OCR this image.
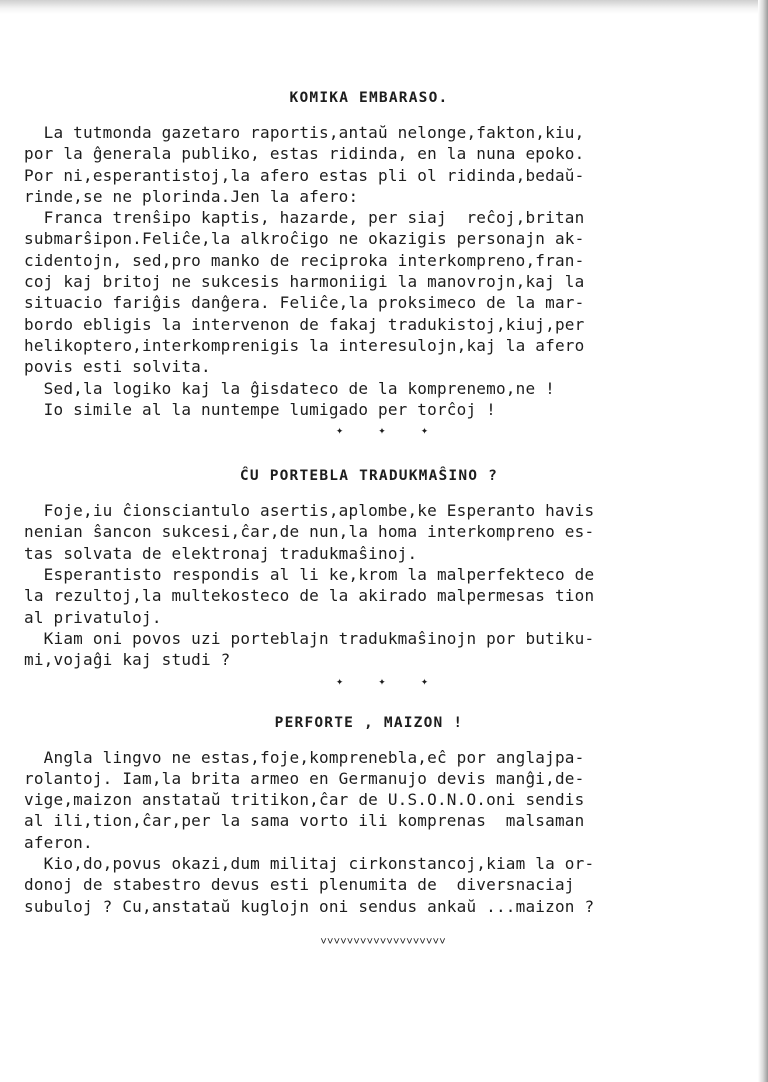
KOMIKA EMBARASO.
La tutmonda gazetaro raportis,antaŭ nelonge,fakton,kiu,
por la ĝenerala publiko, estas ridinda, en la nuna epoko.
Por ni,esperantistoj,la afero estas pli ol ridinda,bedaŭ-
rinde,se ne plorinda.Jen la afero:
Franca trenŝipo kaptis, hazarde, per siaj  reĉoj,britan
submarŝipon.Feliĉe,la alkroĉigo ne okazigis personajn ak-
cidentojn, sed,pro manko de reciproka interkompreno,fran-
coj kaj britoj ne sukcesis harmoniigi la manovrojn,kaj la
situacio fariĝis danĝera. Feliĉe,la proksimeco de la mar-
bordo ebligis la intervenon de fakaj tradukistoj,kiuj,per
helikoptero,interkomprenigis la interesulojn,kaj la afero
povis esti solvita.
Sed,la logiko kaj la ĝisdateco de la komprenemo,ne !
Io simile al la nuntempe lumigado per torĉoj !
✦ ✦ ✦
ĈU PORTEBLA TRADUKMAŜINO ?
Foje,iu ĉionsciantulo asertis,aplombe,ke Esperanto havis
nenian ŝancon sukcesi,ĉar,de nun,la homa interkompreno es-
tas solvata de elektronaj tradukmaŝinoj.
Esperantisto respondis al li ke,krom la malperfekteco de
la rezultoj,la multekosteco de la akirado malpermesas tion
al privatuloj.
Kiam oni povos uzi porteblajn tradukmaŝinojn por butiku-
mi,vojaĝi kaj studi ?
✦ ✦ ✦
PERFORTE , MAIZON !
Angla lingvo ne estas,foje,komprenebla,eĉ por anglajpa-
rolantoj. Iam,la brita armeo en Germanujo devis manĝi,de-
vige,maizon anstataŭ tritikon,ĉar de U.S.O.N.O.oni sendis
al ili,tion,ĉar,per la sama vorto ili komprenas  malsaman
aferon.
Kio,do,povus okazi,dum militaj cirkonstancoj,kiam la or-
donoj de stabestro devus esti plenumita de  diversnaciaj
subuloj ? Cu,anstataŭ kuglojn oni sendus ankaŭ ...maizon ?
˅˅˅˅˅˅˅˅˅˅˅˅˅˅˅˅˅˅˅
